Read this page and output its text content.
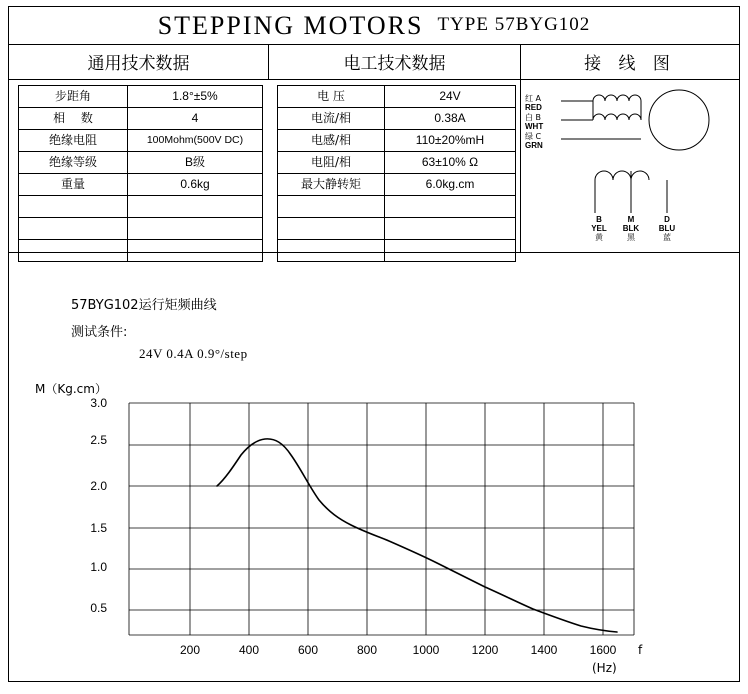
STEPPING MOTORS TYPE 57BYG102
通用技术数据	电工技术数据	接 线 图
步距角	1.8°±5%
相　 数	4
绝缘电阻	100Mohm(500V DC)
绝缘等级	B级
重量	0.6kg

电 压	24V
电流/相	0.38A
电感/相	110±20%mH
电阻/相	63±10% Ω
最大静转矩	6.0kg.cm

红 A
RED
白 B
WHT
绿 C
GRN
B
YEL
黄
M
BLK
黑
D
BLU
蓝
57BYG102运行矩频曲线
测试条件:
24V 0.4A 0.9°/step
M（Kg.cm）
3.0
2.5
2.0
1.5
1.0
0.5
200	400	600	800	1000	1200	1400	1600	f
(Hz)
